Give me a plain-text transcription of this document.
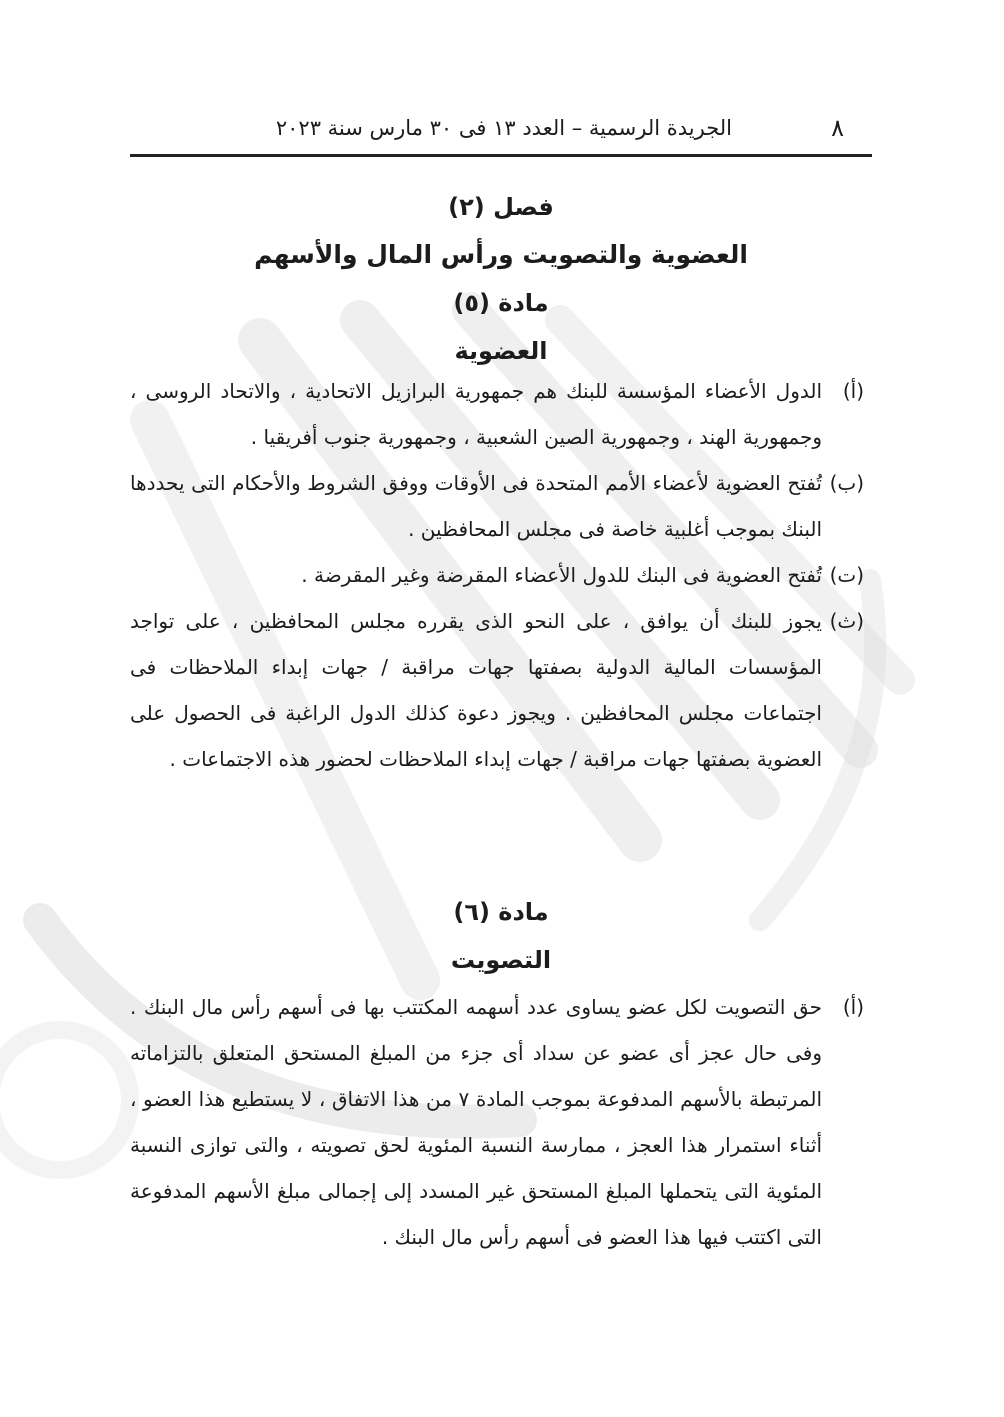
٨
الجريدة الرسمية – العدد ١٣ فى ٣٠ مارس سنة ٢٠٢٣

فصل (٢)

العضوية والتصويت ورأس المال والأسهم

مادة (٥)

العضوية

(أ)

الدول الأعضاء المؤسسة للبنك هم جمهورية البرازيل الاتحادية ، والاتحاد الروسى ، وجمهورية الهند ، وجمهورية الصين الشعبية ، وجمهورية جنوب أفريقيا .

(ب)

تُفتح العضوية لأعضاء الأمم المتحدة فى الأوقات ووفق الشروط والأحكام التى يحددها البنك بموجب أغلبية خاصة فى مجلس المحافظين .

(ت)

تُفتح العضوية فى البنك للدول الأعضاء المقرضة وغير المقرضة .

(ث)

يجوز للبنك أن يوافق ، على النحو الذى يقرره مجلس المحافظين ، على تواجد المؤسسات المالية الدولية بصفتها جهات مراقبة / جهات إبداء الملاحظات فى اجتماعات مجلس المحافظين . ويجوز دعوة كذلك الدول الراغبة فى الحصول على العضوية بصفتها جهات مراقبة / جهات إبداء الملاحظات لحضور هذه الاجتماعات .

مادة (٦)

التصويت

(أ)

حق التصويت لكل عضو يساوى عدد أسهمه المكتتب بها فى أسهم رأس مال البنك . وفى حال عجز أى عضو عن سداد أى جزء من المبلغ المستحق المتعلق بالتزاماته المرتبطة بالأسهم المدفوعة بموجب المادة ٧ من هذا الاتفاق ، لا يستطيع هذا العضو ، أثناء استمرار هذا العجز ، ممارسة النسبة المئوية لحق تصويته ، والتى توازى النسبة المئوية التى يتحملها المبلغ المستحق غير المسدد إلى إجمالى مبلغ الأسهم المدفوعة التى اكتتب فيها هذا العضو فى أسهم رأس مال البنك .
